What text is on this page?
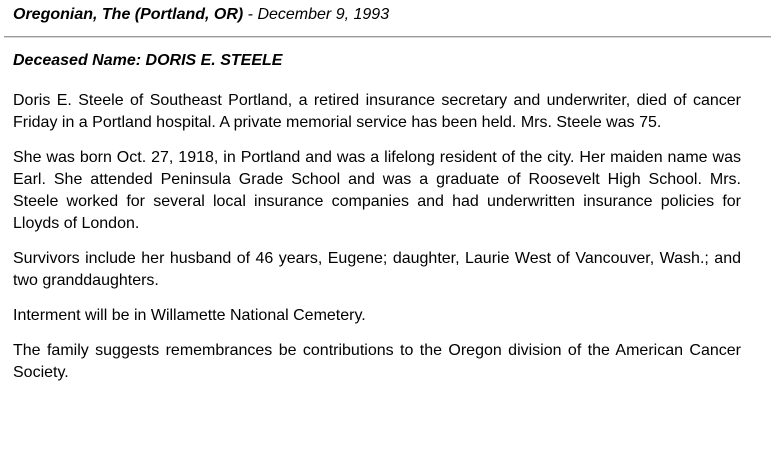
Oregonian, The (Portland, OR) - December 9, 1993
Deceased Name: DORIS E. STEELE

Doris E. Steele of Southeast Portland, a retired insurance secretary and underwriter, died of cancer Friday in a Portland hospital. A private memorial service has been held. Mrs. Steele was 75.

She was born Oct. 27, 1918, in Portland and was a lifelong resident of the city. Her maiden name was Earl. She attended Peninsula Grade School and was a graduate of Roosevelt High School. Mrs. Steele worked for several local insurance companies and had underwritten insurance policies for Lloyds of London.

Survivors include her husband of 46 years, Eugene; daughter, Laurie West of Vancouver, Wash.; and two granddaughters.

Interment will be in Willamette National Cemetery.

The family suggests remembrances be contributions to the Oregon division of the American Cancer Society.
